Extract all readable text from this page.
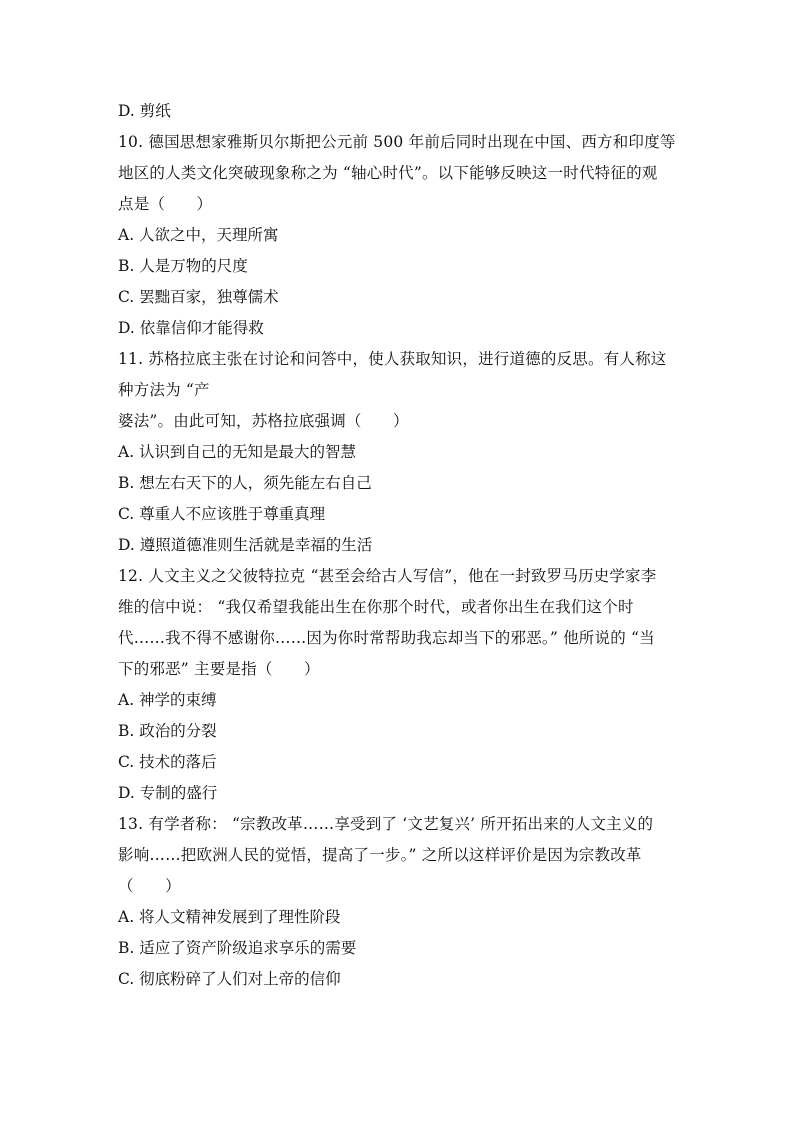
D. 剪纸
10. 德国思想家雅斯贝尔斯把公元前 500 年前后同时出现在中国、西方和印度等
地区的人类文化突破现象称之为 “轴心时代”。以下能够反映这一时代特征的观
点是（　　）
A. 人欲之中，天理所寓
B. 人是万物的尺度
C. 罢黜百家，独尊儒术
D. 依靠信仰才能得救
11. 苏格拉底主张在讨论和问答中，使人获取知识，进行道德的反思。有人称这
种方法为 “产
婆法”。由此可知，苏格拉底强调（　　）
A. 认识到自己的无知是最大的智慧
B. 想左右天下的人，须先能左右自己
C. 尊重人不应该胜于尊重真理
D. 遵照道德准则生活就是幸福的生活
12. 人文主义之父彼特拉克 “甚至会给古人写信”，他在一封致罗马历史学家李
维的信中说： “我仅希望我能出生在你那个时代，或者你出生在我们这个时
代……我不得不感谢你……因为你时常帮助我忘却当下的邪恶。” 他所说的 “当
下的邪恶” 主要是指（　　）
A. 神学的束缚
B. 政治的分裂
C. 技术的落后
D. 专制的盛行
13. 有学者称： “宗教改革……享受到了 ‘文艺复兴’ 所开拓出来的人文主义的
影响……把欧洲人民的觉悟，提高了一步。” 之所以这样评价是因为宗教改革
（　　）
A. 将人文精神发展到了理性阶段
B. 适应了资产阶级追求享乐的需要
C. 彻底粉碎了人们对上帝的信仰
